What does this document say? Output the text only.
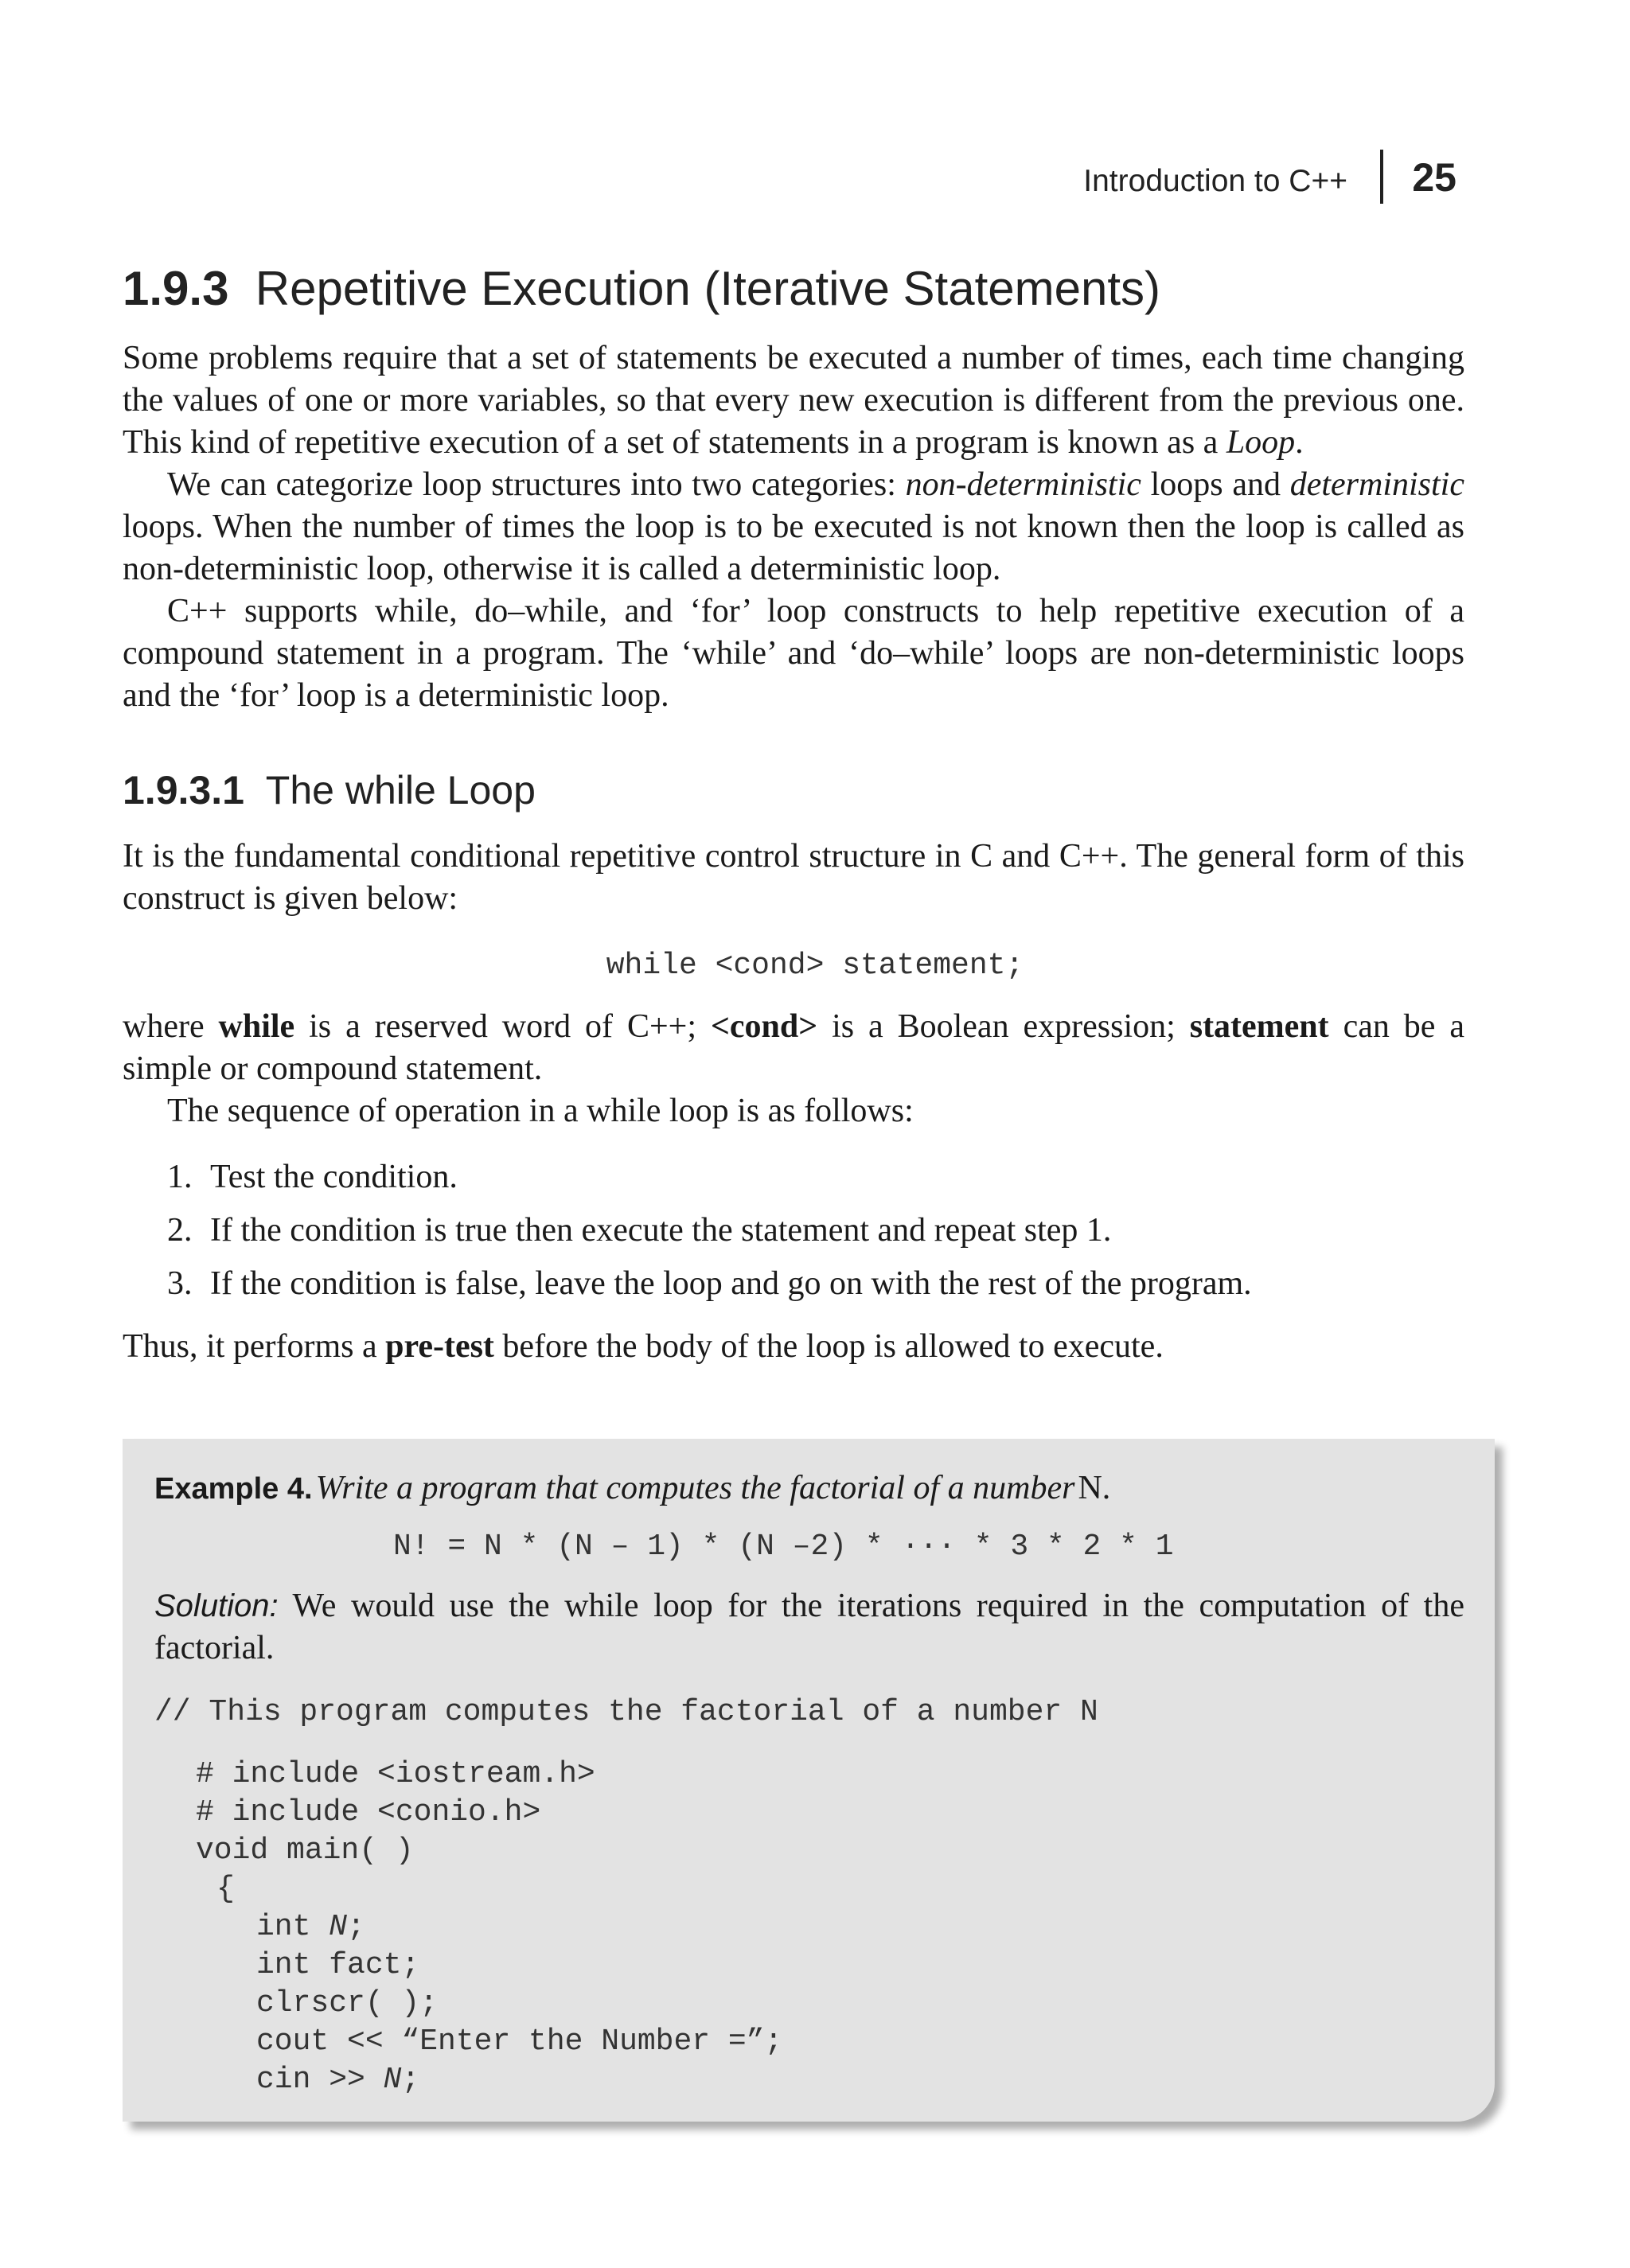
Introduction to C++ 25
1.9.3 Repetitive Execution (Iterative Statements)

Some problems require that a set of statements be executed a number of times, each time changing the values of one or more variables, so that every new execution is different from the previous one. This kind of repetitive execution of a set of statements in a program is known as a Loop.

We can categorize loop structures into two categories: non-deterministic loops and deterministic loops. When the number of times the loop is to be executed is not known then the loop is called as non-deterministic loop, otherwise it is called a deterministic loop.

C++ supports while, do–while, and ‘for’ loop constructs to help repetitive execution of a compound statement in a program. The ‘while’ and ‘do–while’ loops are non-deterministic loops and the ‘for’ loop is a deterministic loop.

1.9.3.1 The while Loop

It is the fundamental conditional repetitive control structure in C and C++. The general form of this construct is given below:

while <cond> statement;

where while is a reserved word of C++; <cond> is a Boolean expression; statement can be a simple or compound statement.

The sequence of operation in a while loop is as follows:

1. Test the condition.
2. If the condition is true then execute the statement and repeat step 1.
3. If the condition is false, leave the loop and go on with the rest of the program.

Thus, it performs a pre-test before the body of the loop is allowed to execute.

Example 4. Write a program that computes the factorial of a number N.
N! = N * (N – 1) * (N –2) * ··· * 3 * 2 * 1
Solution: We would use the while loop for the iterations required in the computation of the factorial.
// This program computes the factorial of a number N
# include <iostream.h>
# include <conio.h>
void main( )
{
int N;
int fact;
clrscr( );
cout << “Enter the Number =”;
cin >> N;
